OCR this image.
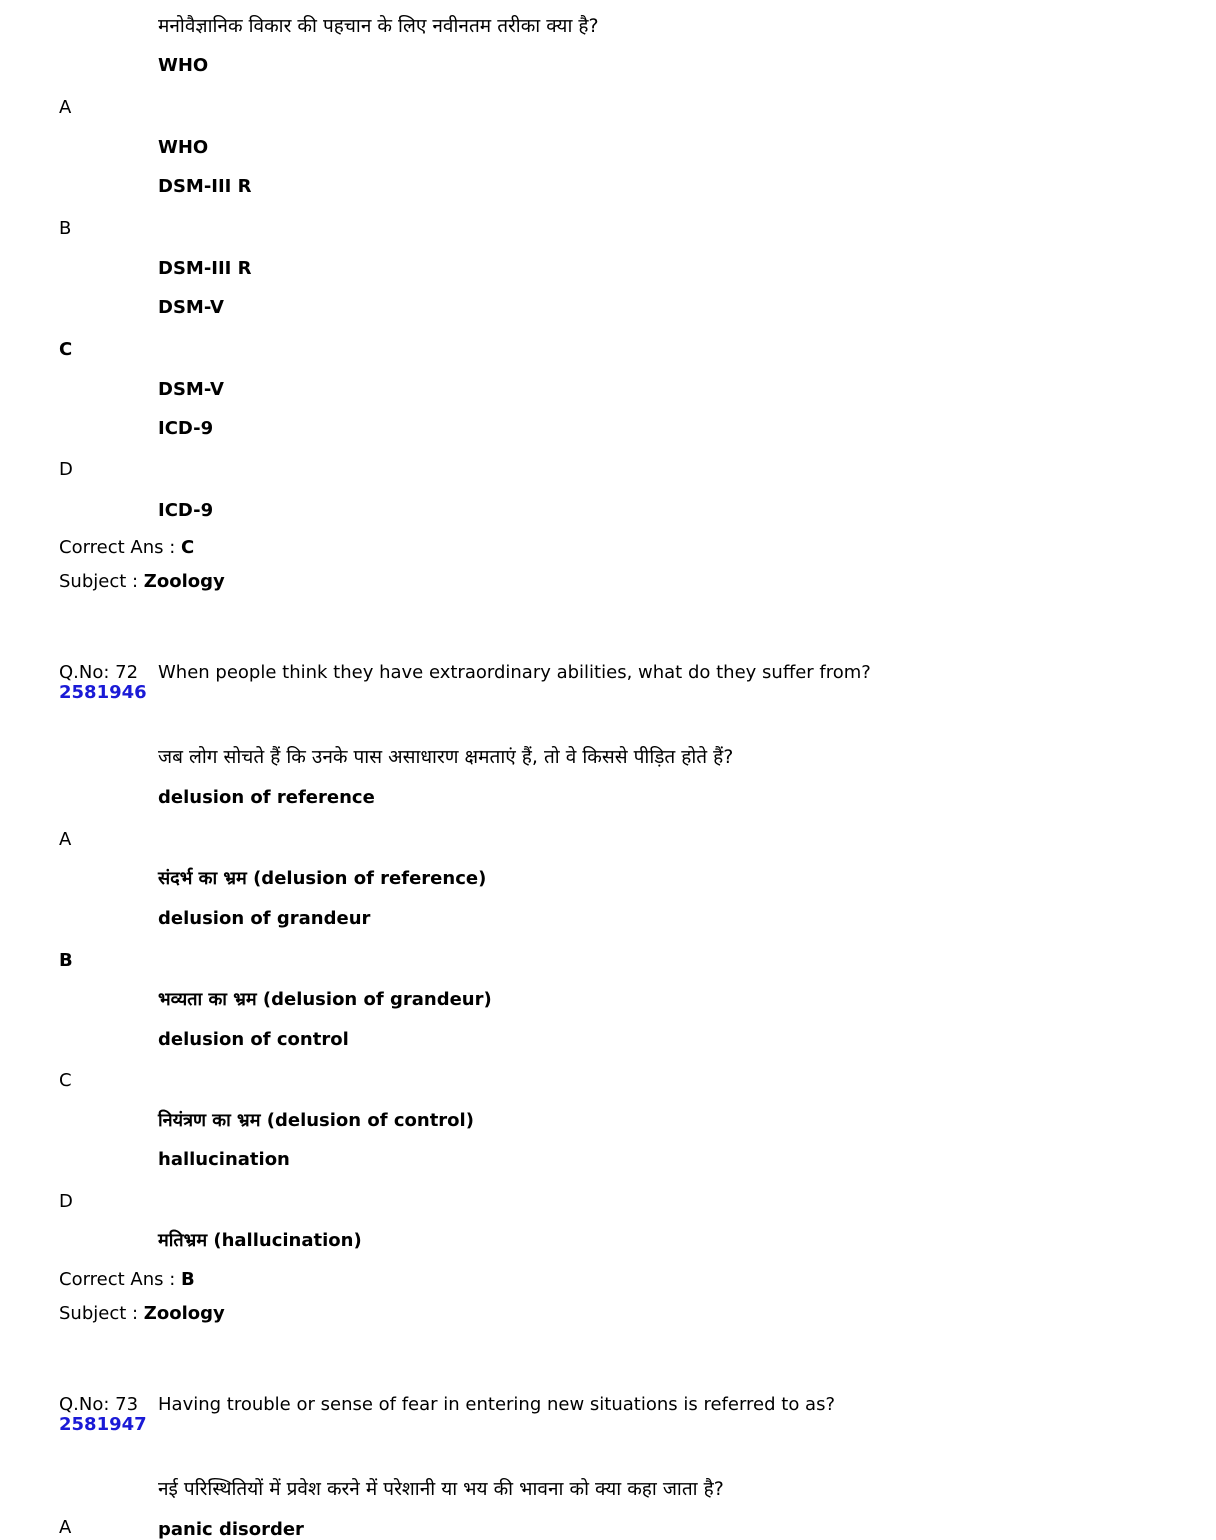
मनोवैज्ञानिक विकार की पहचान के लिए नवीनतम तरीका क्या है?
WHO
A
WHO
DSM-III R
B
DSM-III R
DSM-V
C
DSM-V
ICD-9
D
ICD-9
Correct Ans : C
Subject : Zoology
Q.No: 72 When people think they have extraordinary abilities, what do they suffer from?
2581946
जब लोग सोचते हैं कि उनके पास असाधारण क्षमताएं हैं, तो वे किससे पीड़ित होते हैं?
delusion of reference
A
संदर्भ का भ्रम (delusion of reference)
delusion of grandeur
B
भव्यता का भ्रम (delusion of grandeur)
delusion of control
C
नियंत्रण का भ्रम (delusion of control)
hallucination
D
मतिभ्रम (hallucination)
Correct Ans : B
Subject : Zoology
Q.No: 73 Having trouble or sense of fear in entering new situations is referred to as?
2581947
नई परिस्थितियों में प्रवेश करने में परेशानी या भय की भावना को क्या कहा जाता है?
A	panic disorder
